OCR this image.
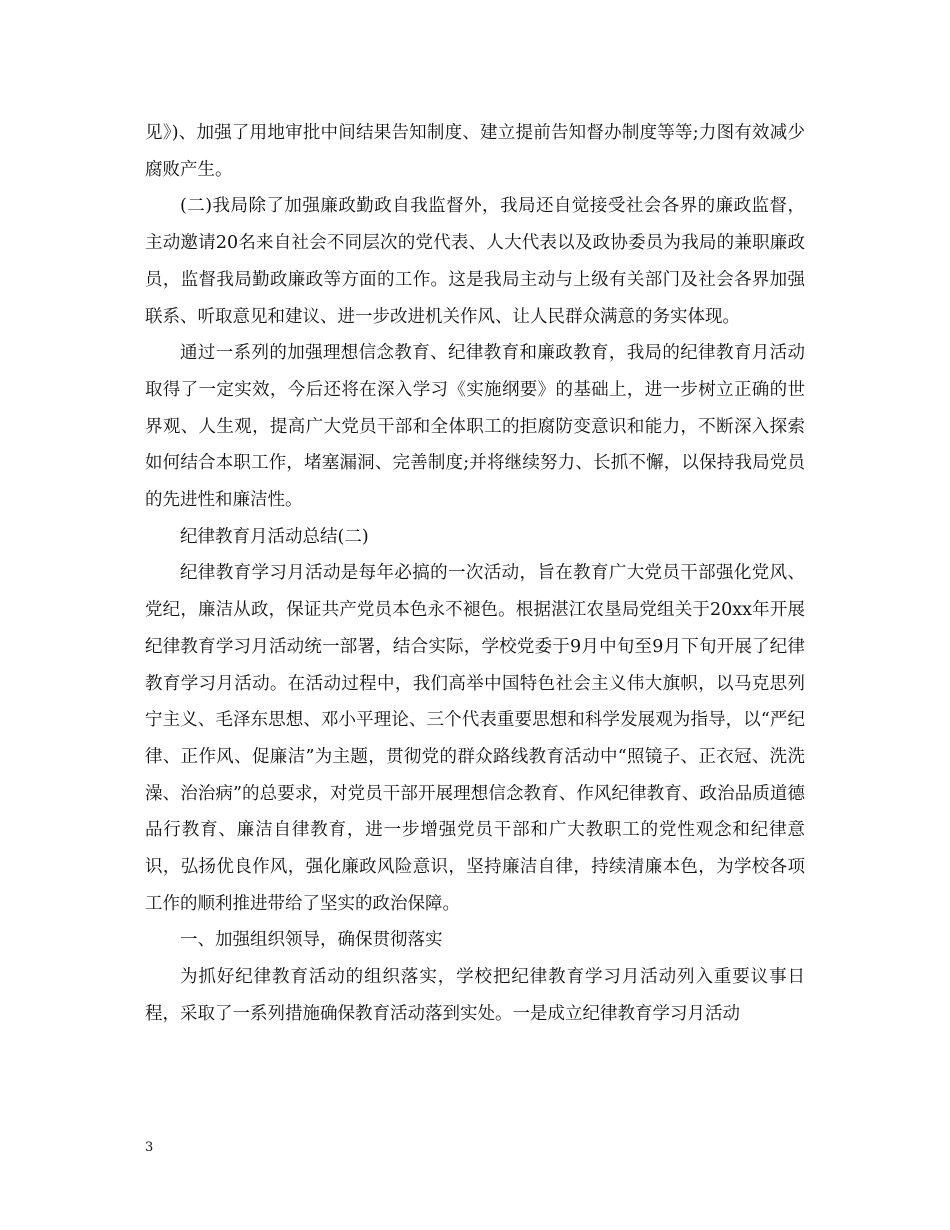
见》)、加强了用地审批中间结果告知制度、建立提前告知督办制度等等;力图有效减少腐败产生。

(二)我局除了加强廉政勤政自我监督外，我局还自觉接受社会各界的廉政监督，主动邀请20名来自社会不同层次的党代表、人大代表以及政协委员为我局的兼职廉政员，监督我局勤政廉政等方面的工作。这是我局主动与上级有关部门及社会各界加强联系、听取意见和建议、进一步改进机关作风、让人民群众满意的务实体现。

通过一系列的加强理想信念教育、纪律教育和廉政教育，我局的纪律教育月活动取得了一定实效，今后还将在深入学习《实施纲要》的基础上，进一步树立正确的世界观、人生观，提高广大党员干部和全体职工的拒腐防变意识和能力，不断深入探索如何结合本职工作，堵塞漏洞、完善制度;并将继续努力、长抓不懈，以保持我局党员的先进性和廉洁性。

纪律教育月活动总结(二)

纪律教育学习月活动是每年必搞的一次活动，旨在教育广大党员干部强化党风、党纪，廉洁从政，保证共产党员本色永不褪色。根据湛江农垦局党组关于20xx年开展纪律教育学习月活动统一部署，结合实际，学校党委于9月中旬至9月下旬开展了纪律教育学习月活动。在活动过程中，我们高举中国特色社会主义伟大旗帜，以马克思列宁主义、毛泽东思想、邓小平理论、三个代表重要思想和科学发展观为指导，以“严纪律、正作风、促廉洁”为主题，贯彻党的群众路线教育活动中“照镜子、正衣冠、洗洗澡、治治病”的总要求，对党员干部开展理想信念教育、作风纪律教育、政治品质道德品行教育、廉洁自律教育，进一步增强党员干部和广大教职工的党性观念和纪律意识，弘扬优良作风，强化廉政风险意识，坚持廉洁自律，持续清廉本色，为学校各项工作的顺利推进带给了坚实的政治保障。

一、加强组织领导，确保贯彻落实

为抓好纪律教育活动的组织落实，学校把纪律教育学习月活动列入重要议事日程，采取了一系列措施确保教育活动落到实处。一是成立纪律教育学习月活动

3
